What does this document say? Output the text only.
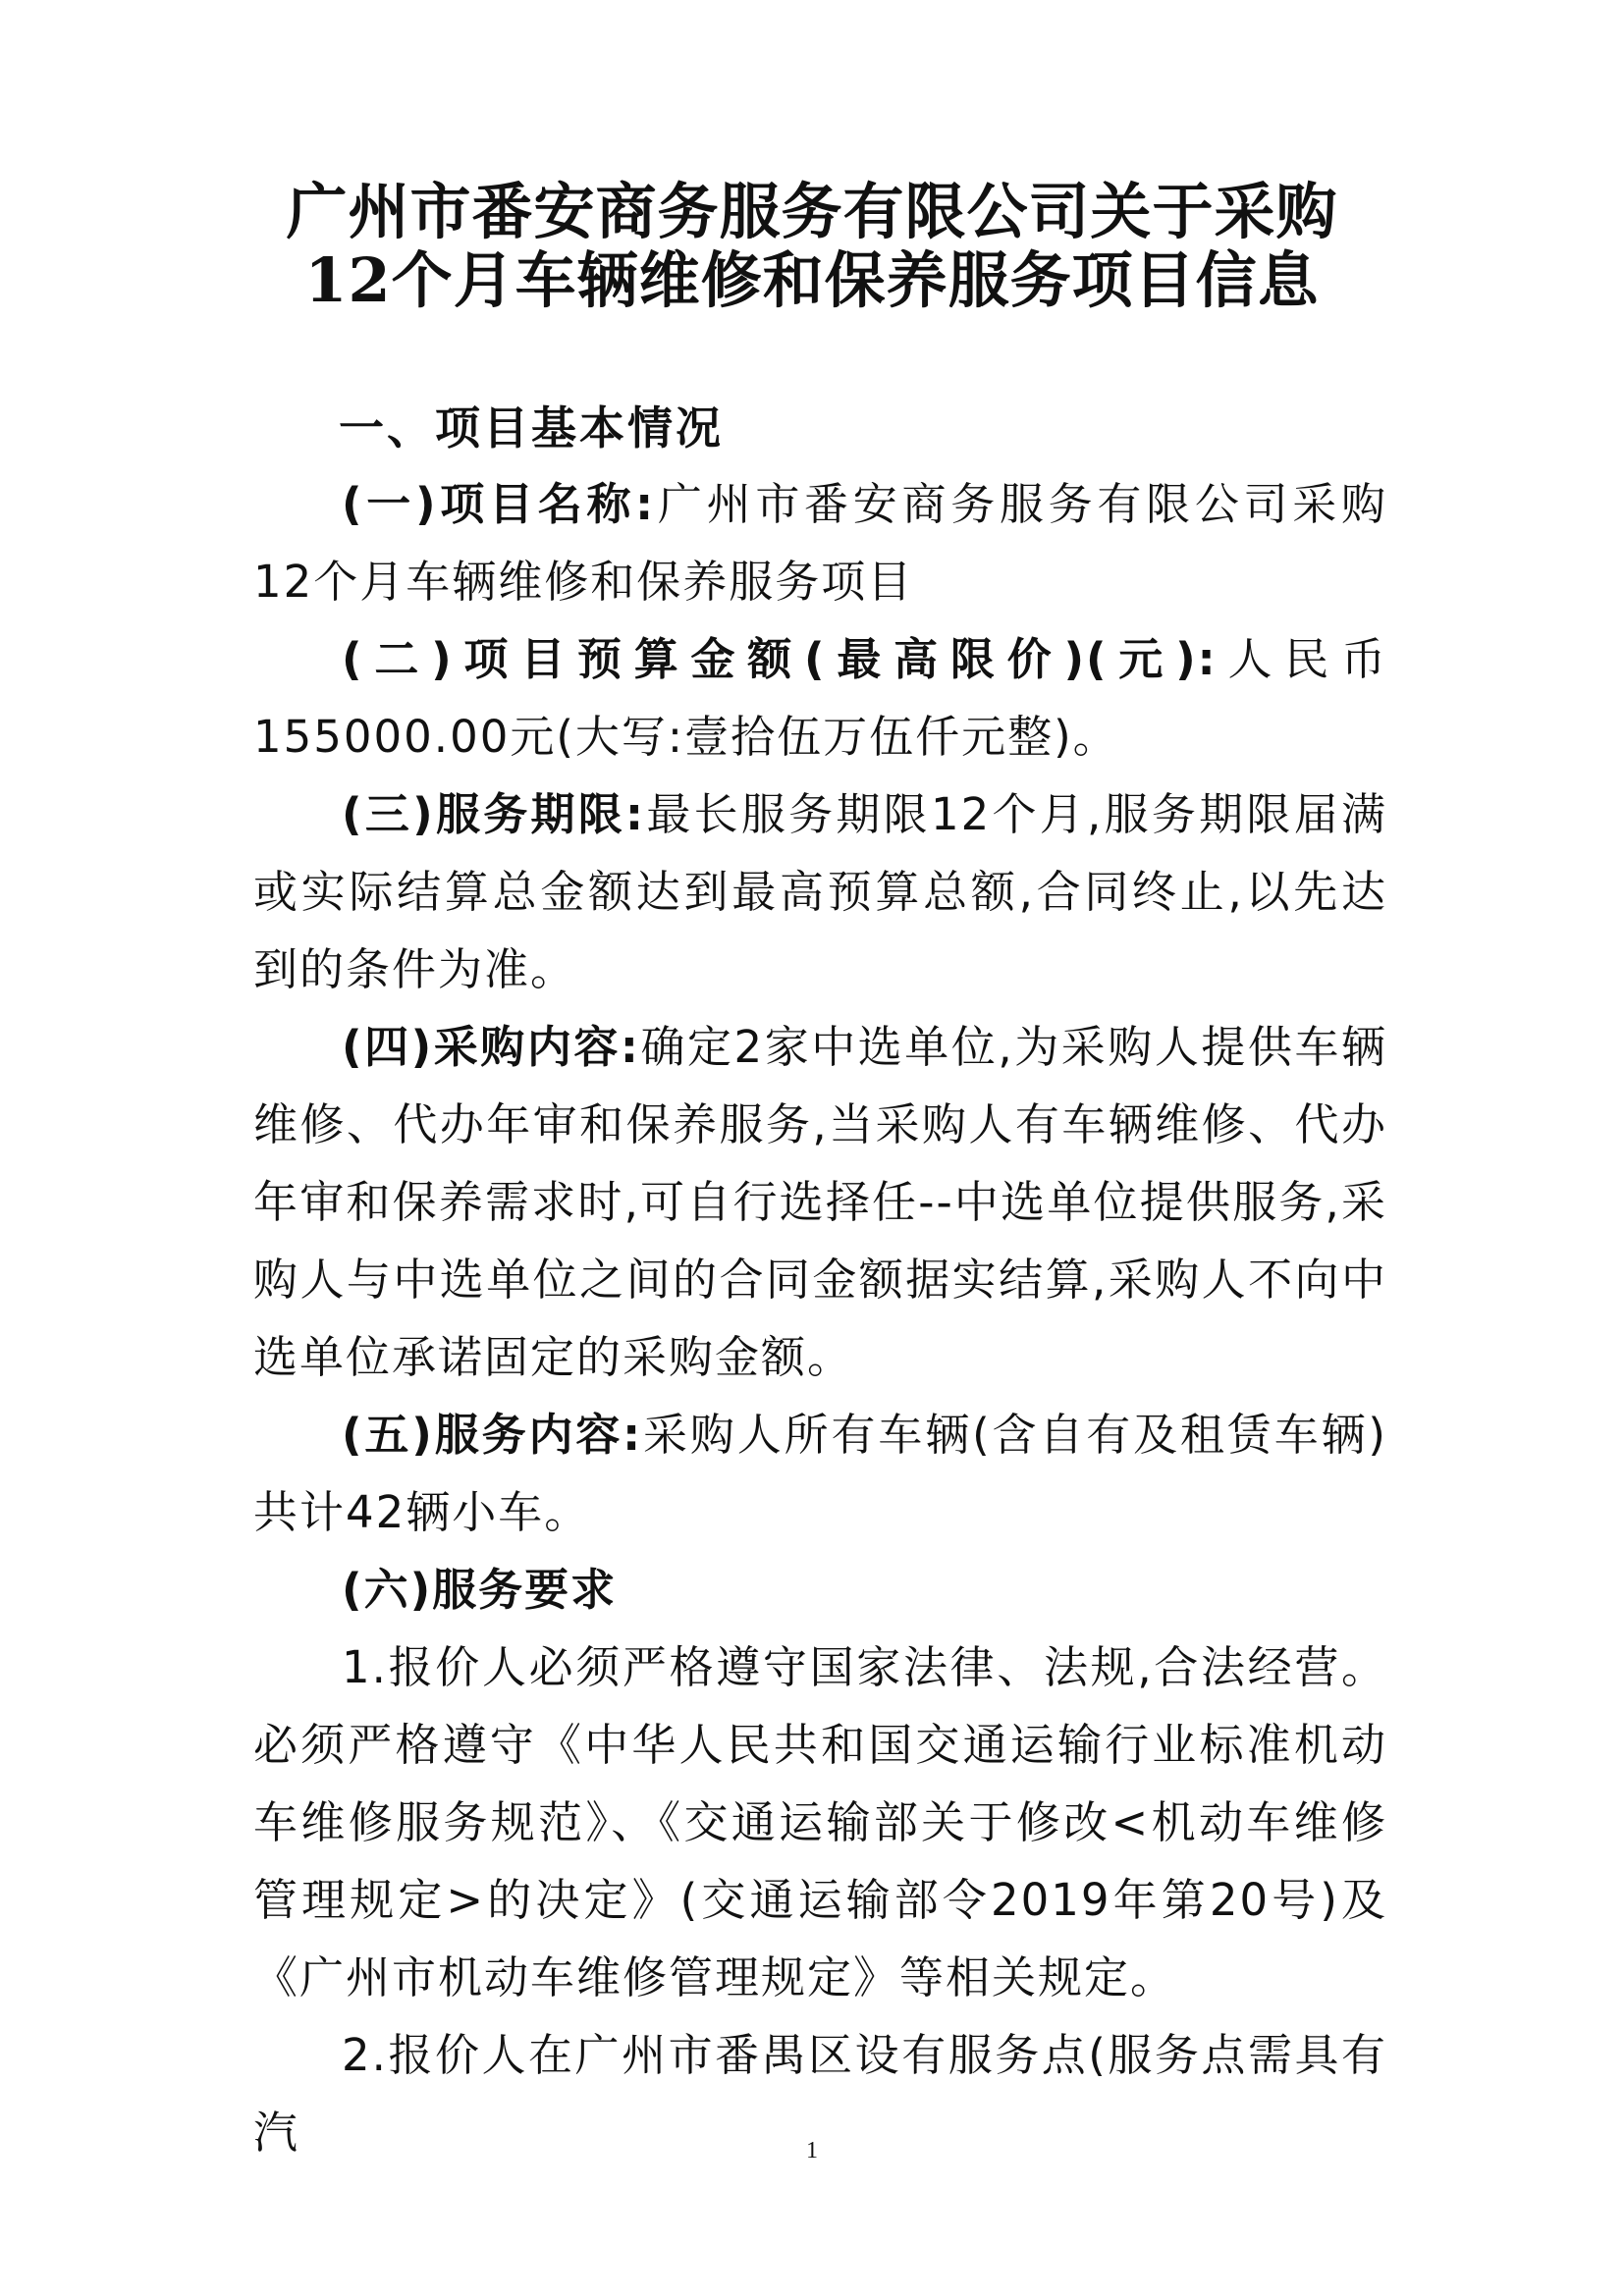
广州市番安商务服务有限公司关于采购
12个月车辆维修和保养服务项目信息
一、项目基本情况

(一)项目名称:广州市番安商务服务有限公司采购12个月车辆维修和保养服务项目

(二)项目预算金额(最高限价)(元):人民币155000.00元(大写:壹拾伍万伍仟元整)。

(三)服务期限:最长服务期限12个月,服务期限届满或实际结算总金额达到最高预算总额,合同终止,以先达到的条件为准。

(四)采购内容:确定2家中选单位,为采购人提供车辆维修、代办年审和保养服务,当采购人有车辆维修、代办年审和保养需求时,可自行选择任--中选单位提供服务,采购人与中选单位之间的合同金额据实结算,采购人不向中选单位承诺固定的采购金额。

(五)服务内容:采购人所有车辆(含自有及租赁车辆)共计42辆小车。

(六)服务要求

1.报价人必须严格遵守国家法律、法规,合法经营。必须严格遵守《中华人民共和国交通运输行业标准机动车维修服务规范》、《交通运输部关于修改<机动车维修管理规定>的决定》(交通运输部令2019年第20号)及《广州市机动车维修管理规定》等相关规定。

2.报价人在广州市番禺区设有服务点(服务点需具有汽	1
